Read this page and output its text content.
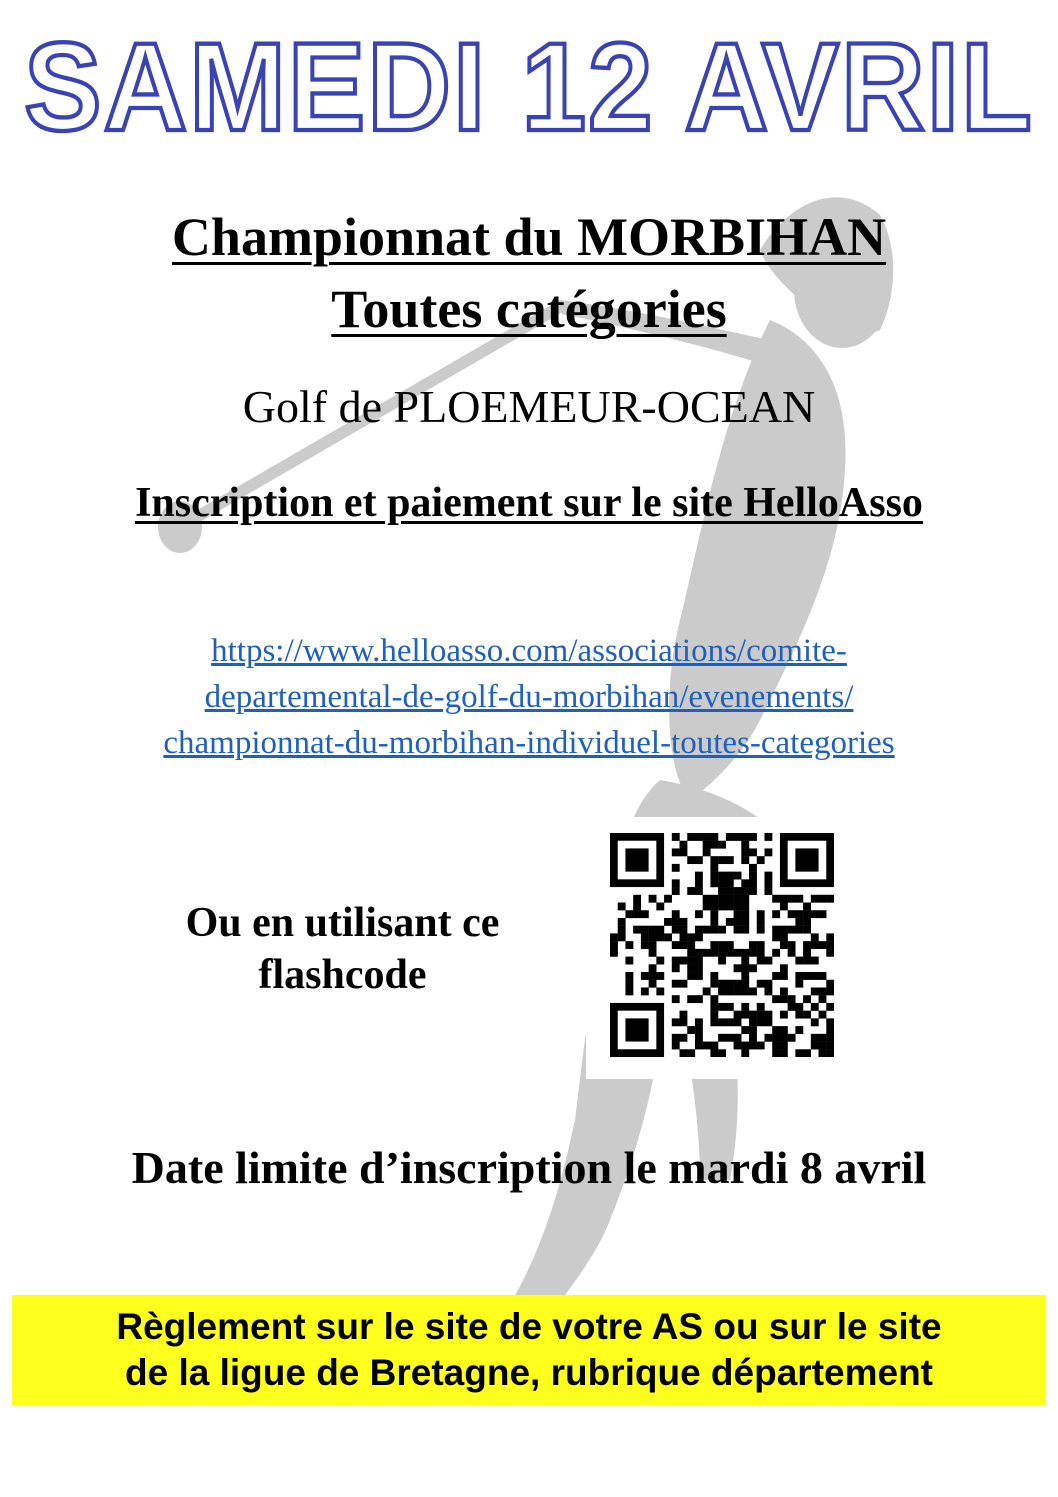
SAMEDI 12 AVRIL
Championnat du MORBIHAN
Toutes catégories
Golf de PLOEMEUR-OCEAN
Inscription et paiement sur le site HelloAsso
https://www.helloasso.com/associations/comite-
departemental-de-golf-du-morbihan/evenements/
championnat-du-morbihan-individuel-toutes-categories
Ou en utilisant ce flashcode
Date limite d’inscription le mardi 8 avril
Règlement sur le site de votre AS ou sur le site
de la ligue de Bretagne, rubrique département
